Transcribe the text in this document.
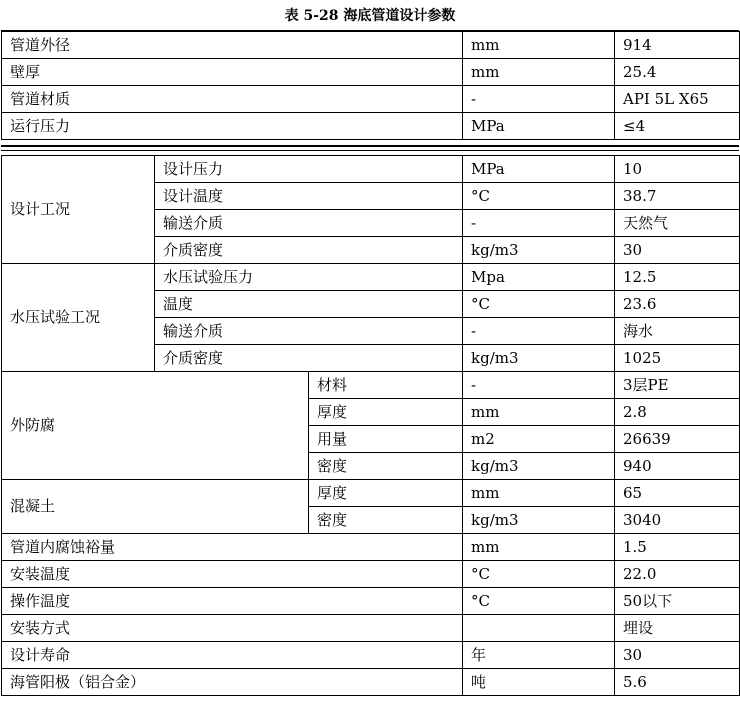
表 5-28 海底管道设计参数
管道外径	mm	914
壁厚	mm	25.4
管道材质	-	API 5L X65
运行压力	MPa	≤4
设计工况	设计压力		MPa	10
	设计温度		°C	38.7
	输送介质		-	天然气
	介质密度		kg/m3	30
水压试验工况	水压试验压力		Mpa	12.5
	温度		°C	23.6
	输送介质		-	海水
	介质密度		kg/m3	1025
外防腐		材料	-	3层PE
		厚度	mm	2.8
		用量	m2	26639
		密度	kg/m3	940
混凝土		厚度	mm	65
		密度	kg/m3	3040
管道内腐蚀裕量			mm	1.5
安装温度			°C	22.0
操作温度			°C	50以下
安装方式				埋设
设计寿命			年	30
海管阳极（铝合金）			吨	5.6
